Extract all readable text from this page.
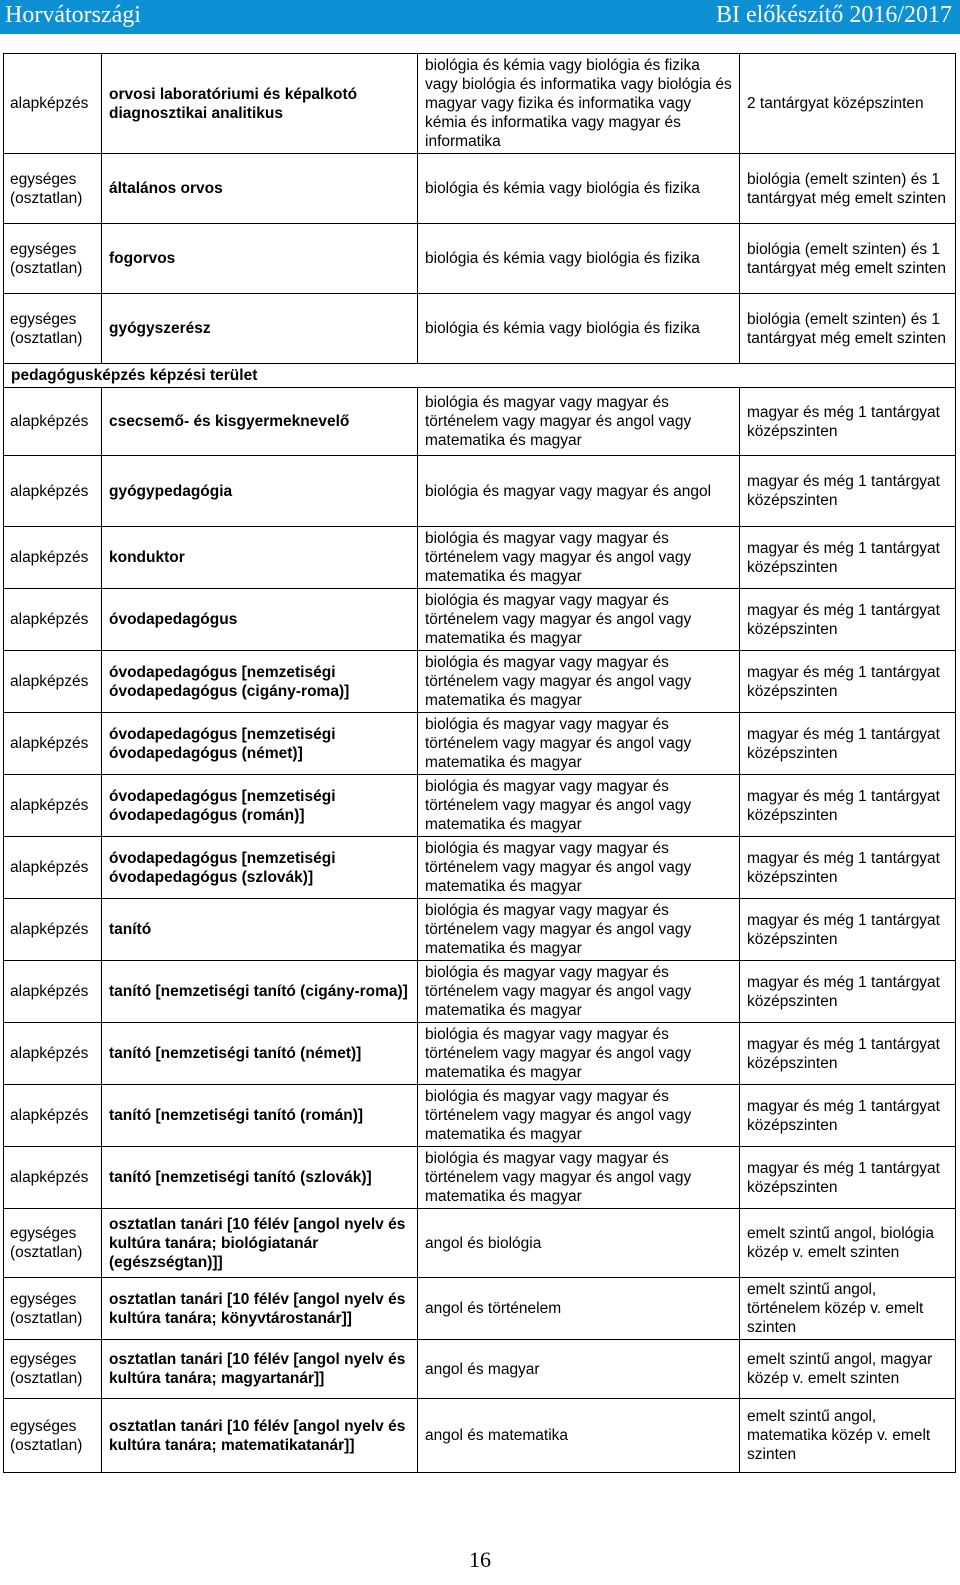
Horvátországi	BI előkészítő 2016/2017
alapképzés	orvosi laboratóriumi és képalkotó diagnosztikai analitikus	biológia és kémia vagy biológia és fizika vagy biológia és informatika vagy biológia és magyar vagy fizika és informatika vagy kémia és informatika vagy magyar és informatika	2 tantárgyat középszinten
egységes (osztatlan)	általános orvos	biológia és kémia vagy biológia és fizika	biológia (emelt szinten) és 1 tantárgyat még emelt szinten
egységes (osztatlan)	fogorvos	biológia és kémia vagy biológia és fizika	biológia (emelt szinten) és 1 tantárgyat még emelt szinten
egységes (osztatlan)	gyógyszerész	biológia és kémia vagy biológia és fizika	biológia (emelt szinten) és 1 tantárgyat még emelt szinten
pedagógusképzés képzési terület			
alapképzés	csecsemő- és kisgyermeknevelő	biológia és magyar vagy magyar és történelem vagy magyar és angol vagy matematika és magyar	magyar és még 1 tantárgyat középszinten
alapképzés	gyógypedagógia	biológia és magyar vagy magyar és angol	magyar és még 1 tantárgyat középszinten
alapképzés	konduktor	biológia és magyar vagy magyar és történelem vagy magyar és angol vagy matematika és magyar	magyar és még 1 tantárgyat középszinten
alapképzés	óvodapedagógus	biológia és magyar vagy magyar és történelem vagy magyar és angol vagy matematika és magyar	magyar és még 1 tantárgyat középszinten
alapképzés	óvodapedagógus [nemzetiségi óvodapedagógus (cigány-roma)]	biológia és magyar vagy magyar és történelem vagy magyar és angol vagy matematika és magyar	magyar és még 1 tantárgyat középszinten
alapképzés	óvodapedagógus [nemzetiségi óvodapedagógus (német)]	biológia és magyar vagy magyar és történelem vagy magyar és angol vagy matematika és magyar	magyar és még 1 tantárgyat középszinten
alapképzés	óvodapedagógus [nemzetiségi óvodapedagógus (román)]	biológia és magyar vagy magyar és történelem vagy magyar és angol vagy matematika és magyar	magyar és még 1 tantárgyat középszinten
alapképzés	óvodapedagógus [nemzetiségi óvodapedagógus (szlovák)]	biológia és magyar vagy magyar és történelem vagy magyar és angol vagy matematika és magyar	magyar és még 1 tantárgyat középszinten
alapképzés	tanító	biológia és magyar vagy magyar és történelem vagy magyar és angol vagy matematika és magyar	magyar és még 1 tantárgyat középszinten
alapképzés	tanító [nemzetiségi tanító (cigány-roma)]	biológia és magyar vagy magyar és történelem vagy magyar és angol vagy matematika és magyar	magyar és még 1 tantárgyat középszinten
alapképzés	tanító [nemzetiségi tanító (német)]	biológia és magyar vagy magyar és történelem vagy magyar és angol vagy matematika és magyar	magyar és még 1 tantárgyat középszinten
alapképzés	tanító [nemzetiségi tanító (román)]	biológia és magyar vagy magyar és történelem vagy magyar és angol vagy matematika és magyar	magyar és még 1 tantárgyat középszinten
alapképzés	tanító [nemzetiségi tanító (szlovák)]	biológia és magyar vagy magyar és történelem vagy magyar és angol vagy matematika és magyar	magyar és még 1 tantárgyat középszinten
egységes (osztatlan)	osztatlan tanári [10 félév [angol nyelv és kultúra tanára; biológiatanár (egészségtan)]]	angol és biológia	emelt szintű angol, biológia közép v. emelt szinten
egységes (osztatlan)	osztatlan tanári [10 félév [angol nyelv és kultúra tanára; könyvtárostanár]]	angol és történelem	emelt szintű angol, történelem közép v. emelt szinten
egységes (osztatlan)	osztatlan tanári [10 félév [angol nyelv és kultúra tanára; magyartanár]]	angol és magyar	emelt szintű angol, magyar közép v. emelt szinten
egységes (osztatlan)	osztatlan tanári [10 félév [angol nyelv és kultúra tanára; matematikatanár]]	angol és matematika	emelt szintű angol, matematika közép v. emelt szinten
16
